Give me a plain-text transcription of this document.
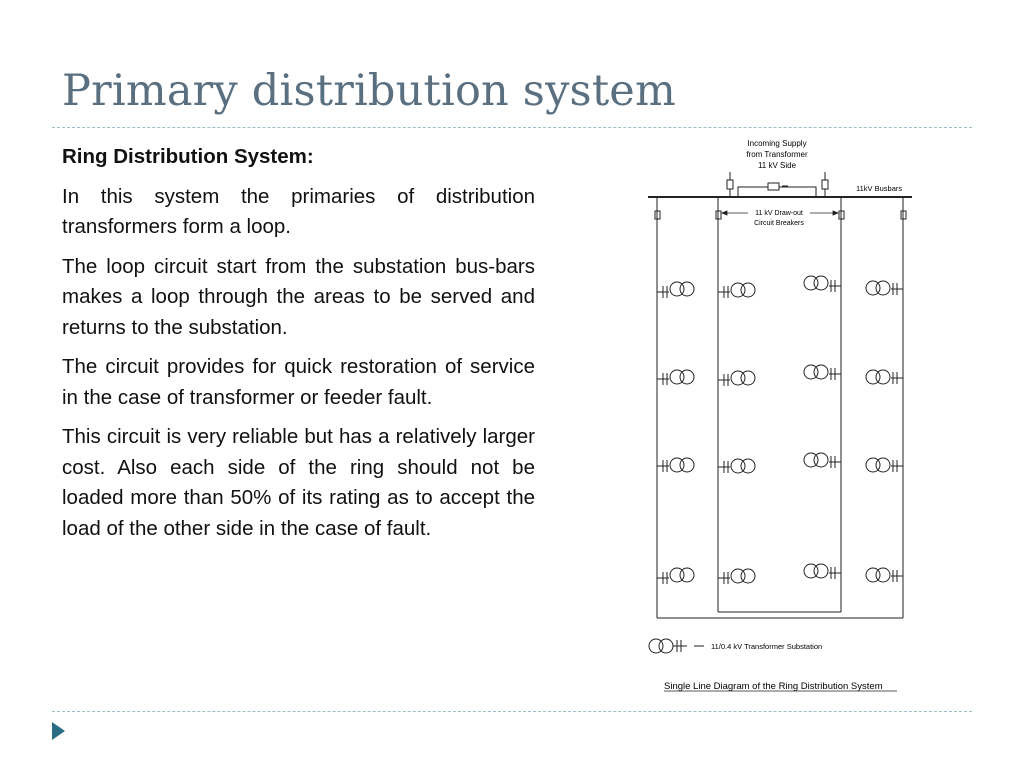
Primary distribution system
Ring Distribution System:

In this system the primaries of distribution transformers form a loop.

The loop circuit start from the substation bus-bars makes a loop through the areas to be served and returns to the substation.

The circuit provides for quick restoration of service in the case of transformer or feeder fault.

This circuit is very reliable but has a relatively larger cost. Also each side of the ring should not be loaded more than 50% of its rating as to accept the load of the other side in the case of fault.

Incoming Supply
from Transformer
11 kV Side
11kV Busbars
11 kV Draw-out
Circuit Breakers
11/0.4 kV Transformer Substation
Single Line Diagram of the Ring Distribution System
